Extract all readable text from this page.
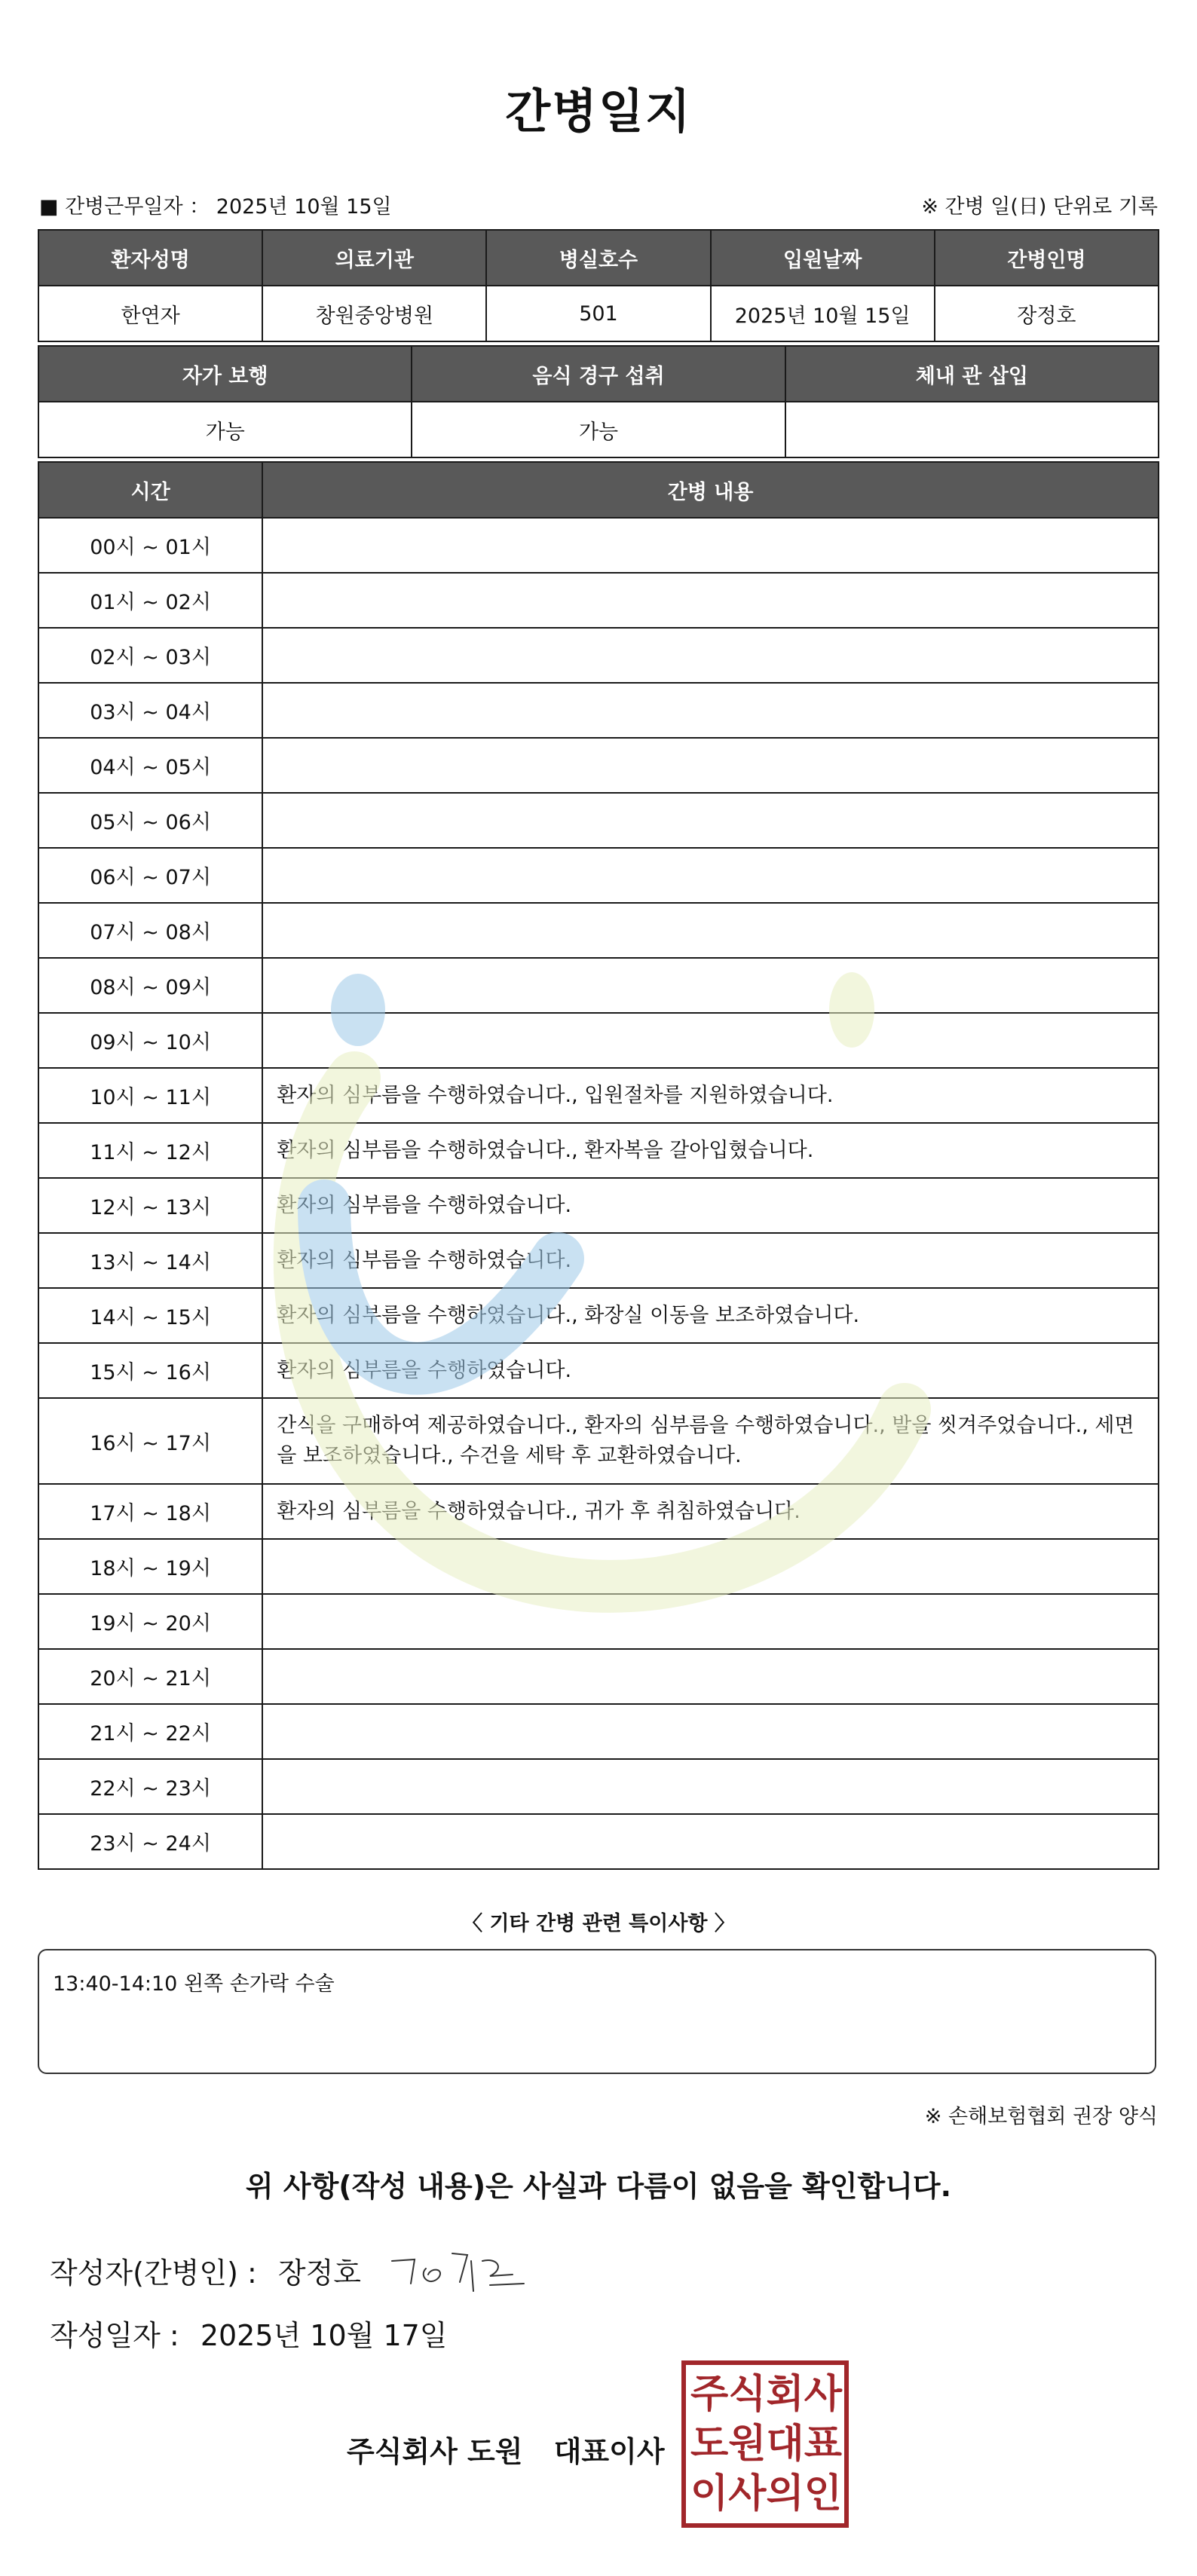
간병일지
■ 간병근무일자 ： 2025년 10월 15일	※ 간병 일(日) 단위로 기록
환자성명	의료기관	병실호수	입원날짜	간병인명
한연자	창원중앙병원	501	2025년 10월 15일	장정호
자가 보행	음식 경구 섭취	체내 관 삽입
가능	가능	
시간	간병 내용
00시 ~ 01시	
01시 ~ 02시	
02시 ~ 03시	
03시 ~ 04시	
04시 ~ 05시	
05시 ~ 06시	
06시 ~ 07시	
07시 ~ 08시	
08시 ~ 09시	
09시 ~ 10시	
10시 ~ 11시	환자의 심부름을 수행하였습니다., 입원절차를 지원하였습니다.
11시 ~ 12시	환자의 심부름을 수행하였습니다., 환자복을 갈아입혔습니다.
12시 ~ 13시	환자의 심부름을 수행하였습니다.
13시 ~ 14시	환자의 심부름을 수행하였습니다.
14시 ~ 15시	환자의 심부름을 수행하였습니다., 화장실 이동을 보조하였습니다.
15시 ~ 16시	환자의 심부름을 수행하였습니다.
16시 ~ 17시	간식을 구매하여 제공하였습니다., 환자의 심부름을 수행하였습니다., 발을 씻겨주었습니다., 세면을 보조하였습니다., 수건을 세탁 후 교환하였습니다.
17시 ~ 18시	환자의 심부름을 수행하였습니다., 귀가 후 취침하였습니다.
18시 ~ 19시	
19시 ~ 20시	
20시 ~ 21시	
21시 ~ 22시	
22시 ~ 23시	
23시 ~ 24시	
〈 기타 간병 관련 특이사항 〉
13:40-14:10 왼쪽 손가락 수술
※ 손해보험협회 권장 양식
위 사항(작성 내용)은 사실과 다름이 없음을 확인합니다.
작성자(간병인) : 장정호
작성일자 : 2025년 10월 17일
주식회사 도원 대표이사
주 식 회 사
도 원 대 표
이 사 의 인
